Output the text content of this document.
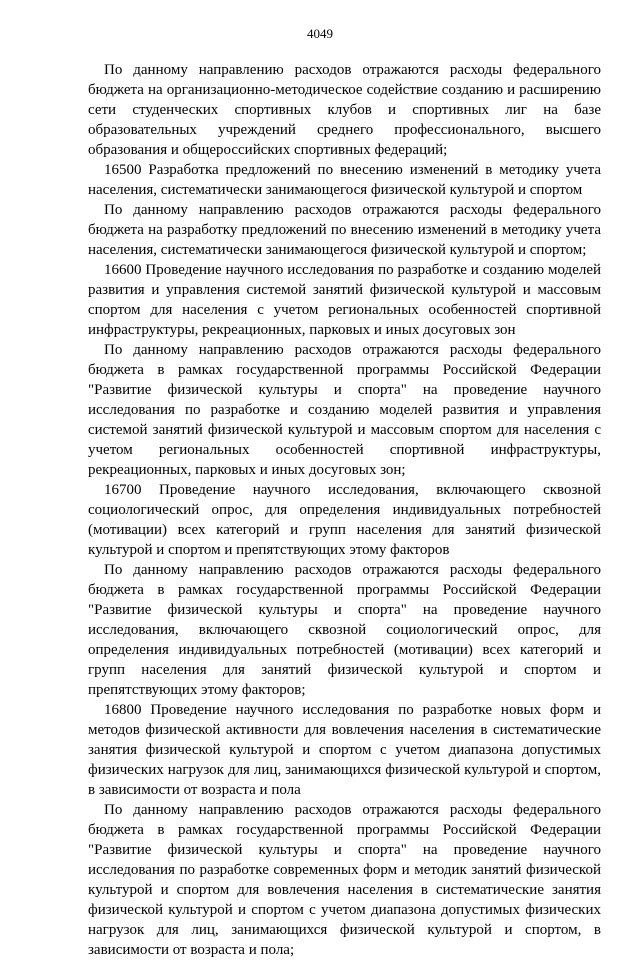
4049

По данному направлению расходов отражаются расходы федерального бюджета на организационно-методическое содействие созданию и расширению сети студенческих спортивных клубов и спортивных лиг на базе образовательных учреждений среднего профессионального, высшего образования и общероссийских спортивных федераций;

16500 Разработка предложений по внесению изменений в методику учета населения, систематически занимающегося физической культурой и спортом

По данному направлению расходов отражаются расходы федерального бюджета на разработку предложений по внесению изменений в методику учета населения, систематически занимающегося физической культурой и спортом;

16600 Проведение научного исследования по разработке и созданию моделей развития и управления системой занятий физической культурой и массовым спортом для населения с учетом региональных особенностей спортивной инфраструктуры, рекреационных, парковых и иных досуговых зон

По данному направлению расходов отражаются расходы федерального бюджета в рамках государственной программы Российской Федерации "Развитие физической культуры и спорта" на проведение научного исследования по разработке и созданию моделей развития и управления системой занятий физической культурой и массовым спортом для населения с учетом региональных особенностей спортивной инфраструктуры, рекреационных, парковых и иных досуговых зон;

16700 Проведение научного исследования, включающего сквозной социологический опрос, для определения индивидуальных потребностей (мотивации) всех категорий и групп населения для занятий физической культурой и спортом и препятствующих этому факторов

По данному направлению расходов отражаются расходы федерального бюджета в рамках государственной программы Российской Федерации "Развитие физической культуры и спорта" на проведение научного исследования, включающего сквозной социологический опрос, для определения индивидуальных потребностей (мотивации) всех категорий и групп населения для занятий физической культурой и спортом и препятствующих этому факторов;

16800 Проведение научного исследования по разработке новых форм и методов физической активности для вовлечения населения в систематические занятия физической культурой и спортом с учетом диапазона допустимых физических нагрузок для лиц, занимающихся физической культурой и спортом, в зависимости от возраста и пола

По данному направлению расходов отражаются расходы федерального бюджета в рамках государственной программы Российской Федерации "Развитие физической культуры и спорта" на проведение научного исследования по разработке современных форм и методик занятий физической культурой и спортом для вовлечения населения в систематические занятия физической культурой и спортом с учетом диапазона допустимых физических нагрузок для лиц, занимающихся физической культурой и спортом, в зависимости от возраста и пола;
